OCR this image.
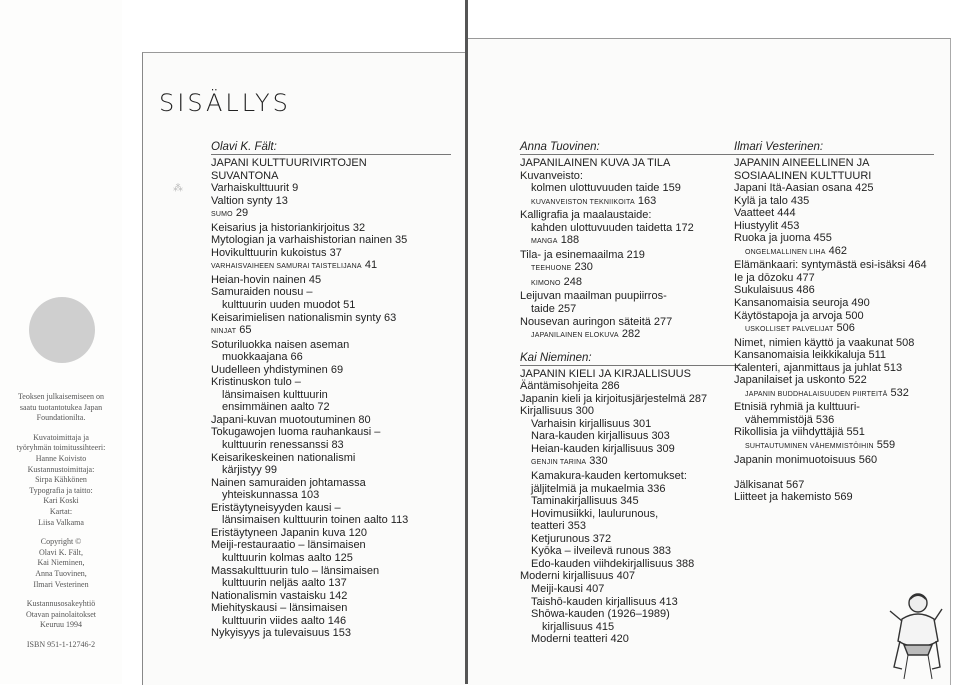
Teoksen julkaisemiseen on
saatu tuotantotukea Japan
Foundationilta.
Kuvatoimittaja ja
työryhmän toimitussihteeri:
Hanne Koivisto
Kustannustoimittaja:
Sirpa Kähkönen
Typografia ja taitto:
Kari Koski
Kartat:
Liisa Valkama
Copyright ©
Olavi K. Fält,
Kai Nieminen,
Anna Tuovinen,
Ilmari Vesterinen
Kustannusosakeyhtiö
Otavan painolaitokset
Keuruu 1994
ISBN 951-1-12746-2
SISÄLLYS
⁂
Olavi K. Fält:
JAPANI KULTTUURIVIRTOJEN
SUVANTONA
Varhaiskulttuurit 9
Valtion synty 13
SUMO 29
Keisarius ja historiankirjoitus 32
Mytologian ja varhaishistorian nainen 35
Hovikulttuurin kukoistus 37
VARHAISVAIHEEN SAMURAI TAISTELIJANA 41
Heian-hovin nainen 45
Samuraiden nousu –
kulttuurin uuden muodot 51
Keisarimielisen nationalismin synty 63
NINJAT 65
Soturiluokka naisen aseman
muokkaajana 66
Uudelleen yhdistyminen 69
Kristinuskon tulo –
länsimaisen kulttuurin
ensimmäinen aalto 72
Japani-kuvan muotoutuminen 80
Tokugawojen luoma rauhankausi –
kulttuurin renessanssi 83
Keisarikeskeinen nationalismi
kärjistyy 99
Nainen samuraiden johtamassa
yhteiskunnassa 103
Eristäytyneisyyden kausi –
länsimaisen kulttuurin toinen aalto 113
Eristäytyneen Japanin kuva 120
Meiji-restauraatio – länsimaisen
kulttuurin kolmas aalto 125
Massakulttuurin tulo – länsimaisen
kulttuurin neljäs aalto 137
Nationalismin vastaisku 142
Miehityskausi – länsimaisen
kulttuurin viides aalto 146
Nykyisyys ja tulevaisuus 153
Anna Tuovinen:
JAPANILAINEN KUVA JA TILA
Kuvanveisto:
kolmen ulottuvuuden taide 159
KUVANVEISTON TEKNIIKOITA 163
Kalligrafia ja maalaustaide:
kahden ulottuvuuden taidetta 172
MANGA 188
Tila- ja esinemaailma 219
TEEHUONE 230
KIMONO 248
Leijuvan maailman puupiirros-
taide 257
Nousevan auringon säteitä 277
JAPANILAINEN ELOKUVA 282
Kai Nieminen:
JAPANIN KIELI JA KIRJALLISUUS
Ääntämisohjeita 286
Japanin kieli ja kirjoitusjärjestelmä 287
Kirjallisuus 300
Varhaisin kirjallisuus 301
Nara-kauden kirjallisuus 303
Heian-kauden kirjallisuus 309
GENJIN TARINA 330
Kamakura-kauden kertomukset:
jäljitelmiä ja mukaelmia 336
Taminakirjallisuus 345
Hovimusiikki, laulurunous,
teatteri 353
Ketjurunous 372
Kyōka – ilveilevä runous 383
Edo-kauden viihdekirjallisuus 388
Moderni kirjallisuus 407
Meiji-kausi 407
Taishō-kauden kirjallisuus 413
Shōwa-kauden (1926–1989)
kirjallisuus 415
Moderni teatteri 420
Ilmari Vesterinen:
JAPANIN AINEELLINEN JA
SOSIAALINEN KULTTUURI
Japani Itä-Aasian osana 425
Kylä ja talo 435
Vaatteet 444
Hiustyylit 453
Ruoka ja juoma 455
ONGELMALLINEN LIHA 462
Elämänkaari: syntymästä esi-isäksi 464
Ie ja dōzoku 477
Sukulaisuus 486
Kansanomaisia seuroja 490
Käytöstapoja ja arvoja 500
USKOLLISET PALVELIJAT 506
Nimet, nimien käyttö ja vaakunat 508
Kansanomaisia leikkikaluja 511
Kalenteri, ajanmittaus ja juhlat 513
Japanilaiset ja uskonto 522
JAPANIN BUDDHALAISUUDEN PIIRTEITÄ 532
Etnisiä ryhmiä ja kulttuuri-
vähemmistöjä 536
Rikollisia ja viihdyttäjiä 551
SUHTAUTUMINEN VÄHEMMISTÖIHIN 559
Japanin monimuotoisuus 560

Jälkisanat 567
Liitteet ja hakemisto 569
